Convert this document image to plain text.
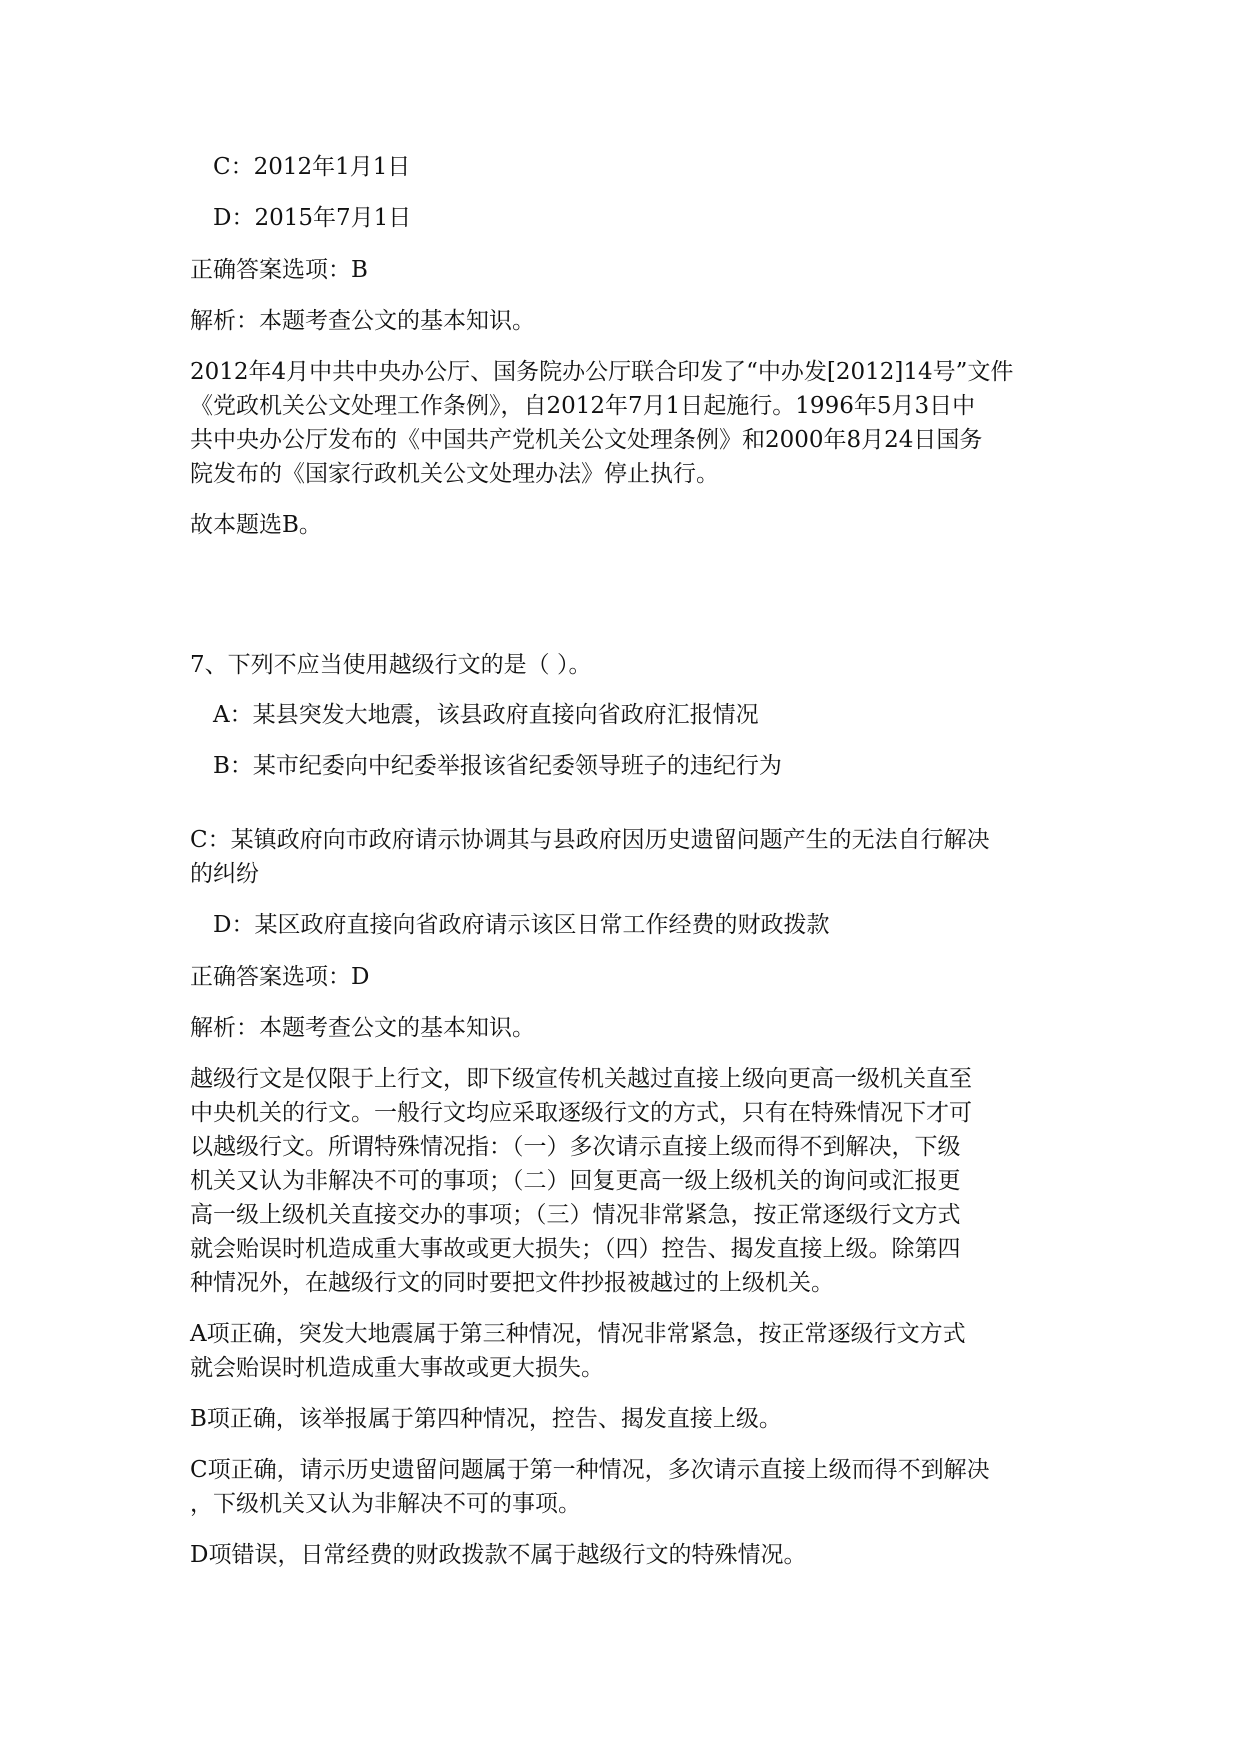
C：2012年1月1日

D：2015年7月1日

正确答案选项：B

解析：本题考查公文的基本知识。

2012年4月中共中央办公厅、国务院办公厅联合印发了“中办发[2012]14号”文件

《党政机关公文处理工作条例》，自2012年7月1日起施行。1996年5月3日中

共中央办公厅发布的《中国共产党机关公文处理条例》和2000年8月24日国务

院发布的《国家行政机关公文处理办法》停止执行。

故本题选B。

7、下列不应当使用越级行文的是（ ）。

A：某县突发大地震，该县政府直接向省政府汇报情况

B：某市纪委向中纪委举报该省纪委领导班子的违纪行为

C：某镇政府向市政府请示协调其与县政府因历史遗留问题产生的无法自行解决

的纠纷

D：某区政府直接向省政府请示该区日常工作经费的财政拨款

正确答案选项：D

解析：本题考查公文的基本知识。

越级行文是仅限于上行文，即下级宣传机关越过直接上级向更高一级机关直至

中央机关的行文。一般行文均应采取逐级行文的方式，只有在特殊情况下才可

以越级行文。所谓特殊情况指：（一）多次请示直接上级而得不到解决，下级

机关又认为非解决不可的事项；（二）回复更高一级上级机关的询问或汇报更

高一级上级机关直接交办的事项；（三）情况非常紧急，按正常逐级行文方式

就会贻误时机造成重大事故或更大损失；（四）控告、揭发直接上级。除第四

种情况外，在越级行文的同时要把文件抄报被越过的上级机关。

A项正确，突发大地震属于第三种情况，情况非常紧急，按正常逐级行文方式

就会贻误时机造成重大事故或更大损失。

B项正确，该举报属于第四种情况，控告、揭发直接上级。

C项正确，请示历史遗留问题属于第一种情况，多次请示直接上级而得不到解决

，下级机关又认为非解决不可的事项。

D项错误，日常经费的财政拨款不属于越级行文的特殊情况。
